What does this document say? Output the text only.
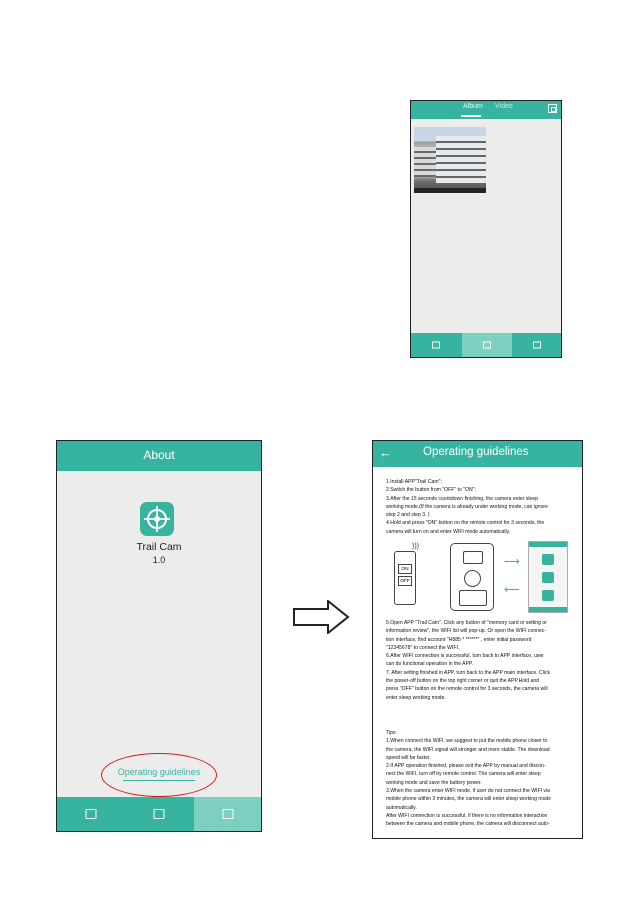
Album Video
About
Trail Cam
1.0
Operating guidelines
←	Operating guidelines
1.Install APP"Trail Cam";
2.Switch the button from "OFF" to "ON";
3.After the 15 seconds countdown finishing, the camera enter sleep
working mode.(If the camera is already under working mode, can ignore
step 2 and step 3. )
4.Hold and press "ON" button on the remote control for 3 seconds, the
camera will turn on and enter WIFI mode automatically.
)))
ON
OFF
⟶
⟵
5.Open APP "Trail Cam". Click any button of "memory card or setting or
information review", the WIFI list will pop-up. Or open the WIFI connec-
tion interface, find account "H885 * ******" , enter initial password
"12345678" to connect the WIFI.
6.After WIFI connection is successful, turn back to APP interface, user
can do functional operation in the APP.
7. After setting finished in APP, turn back to the APP main interface. Click
the power-off button on the top right corner or quit the APP.Hold and
press "OFF" button on the remote control for 3 seconds, the camera will
enter sleep working mode.
Tips:
1.When connect the WIFI, we suggest to put the mobile phone closer to
the camera, the WIFI signal will stronger and more stable. The download
speed will be faster.
2.If APP operation finished, please exit the APP by manual and discon-
nect the WIFI. turn off by remote control. The camera will enter sleep
working mode and save the battery power.
3.When the camera enter WIFI mode, if user do not connect the WIFI via
mobile phone within 3 minutes, the camera will enter sleep working mode
automatically.
After WIFI connection is successful, if there is no information interaction
between the camera and mobile phone, the camera will disconnect auto-
